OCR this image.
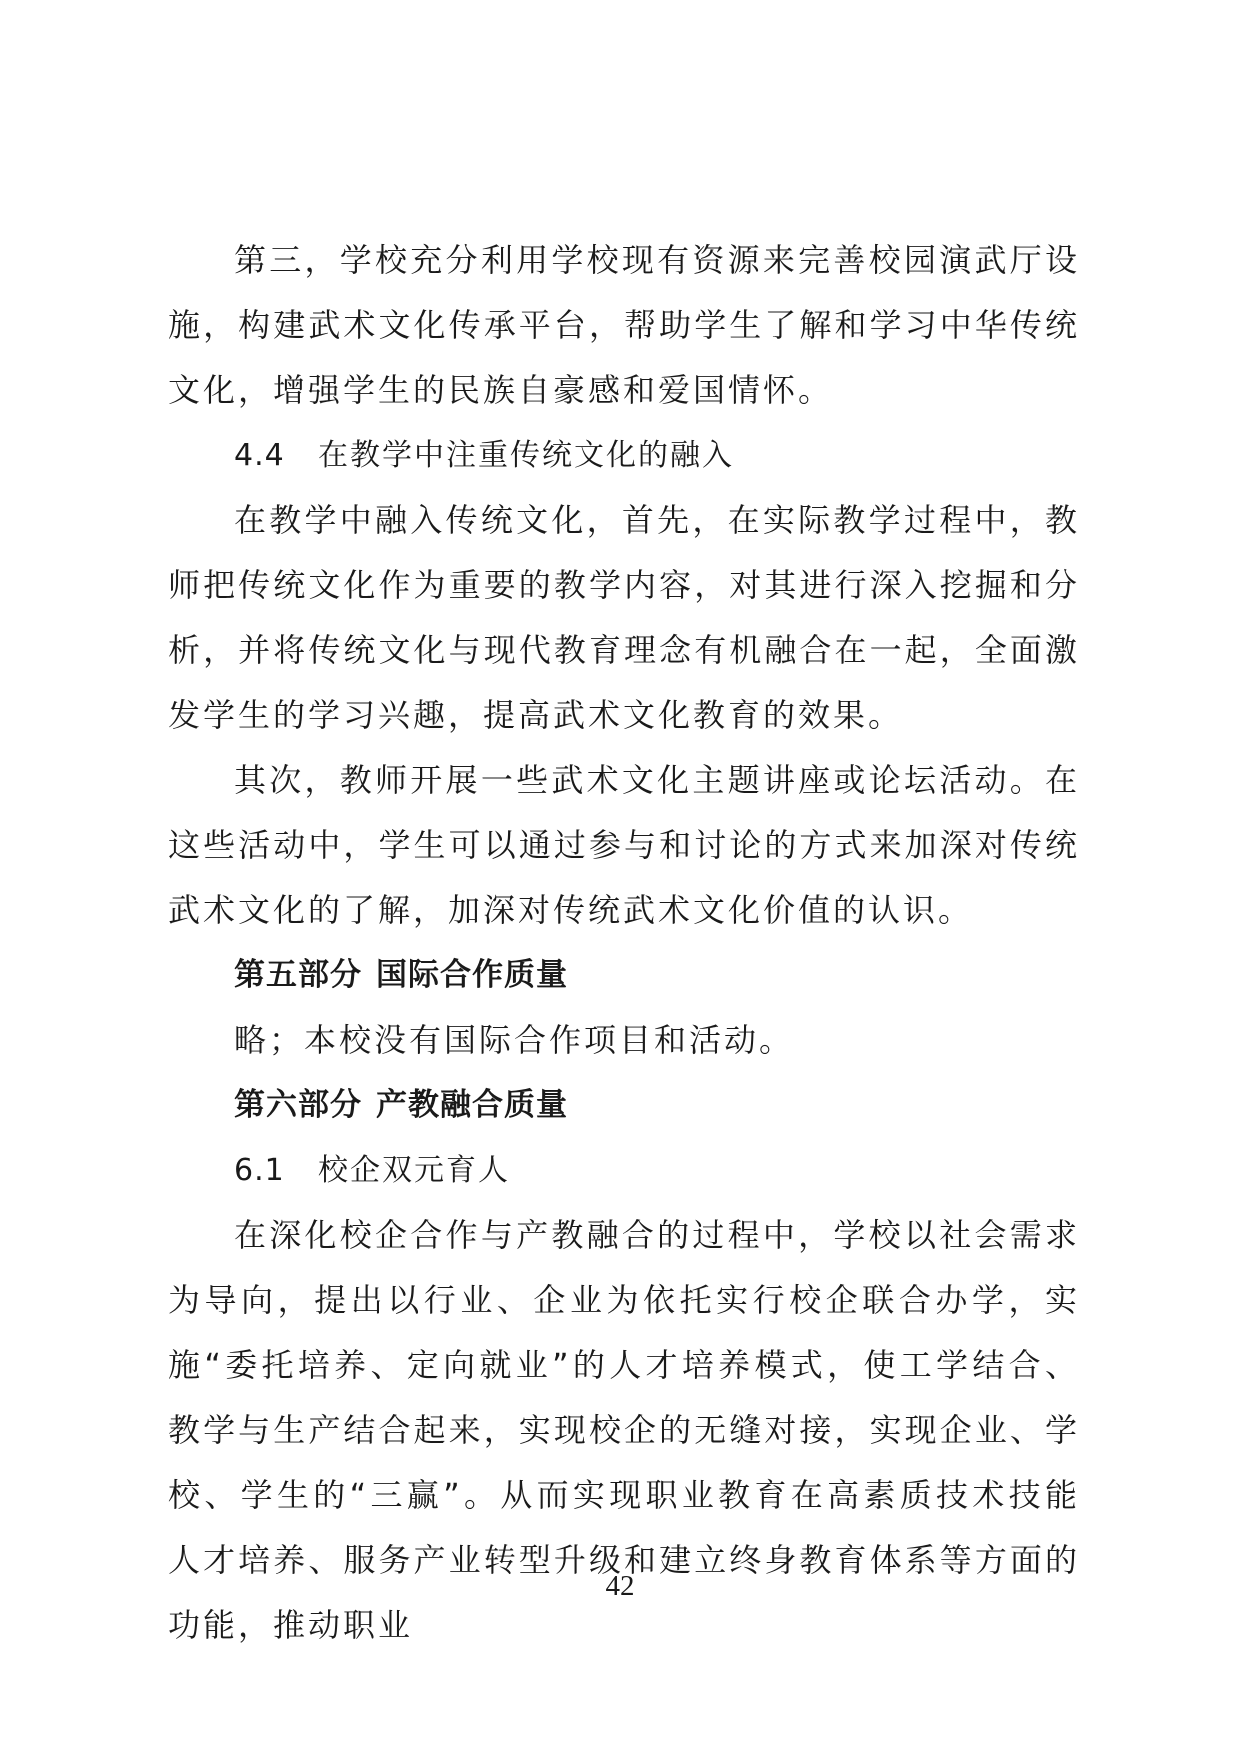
第三，学校充分利用学校现有资源来完善校园演武厅设施，构建武术文化传承平台，帮助学生了解和学习中华传统文化，增强学生的民族自豪感和爱国情怀。

4.4 在教学中注重传统文化的融入

在教学中融入传统文化，首先，在实际教学过程中，教师把传统文化作为重要的教学内容，对其进行深入挖掘和分析，并将传统文化与现代教育理念有机融合在一起，全面激发学生的学习兴趣，提高武术文化教育的效果。

其次，教师开展一些武术文化主题讲座或论坛活动。在这些活动中，学生可以通过参与和讨论的方式来加深对传统武术文化的了解，加深对传统武术文化价值的认识。

第五部分 国际合作质量

略；本校没有国际合作项目和活动。

第六部分 产教融合质量

6.1 校企双元育人

在深化校企合作与产教融合的过程中，学校以社会需求为导向，提出以行业、企业为依托实行校企联合办学，实施“委托培养、定向就业”的人才培养模式，使工学结合、教学与生产结合起来，实现校企的无缝对接，实现企业、学校、学生的“三赢”。从而实现职业教育在高素质技术技能人才培养、服务产业转型升级和建立终身教育体系等方面的功能，推动职业

42
